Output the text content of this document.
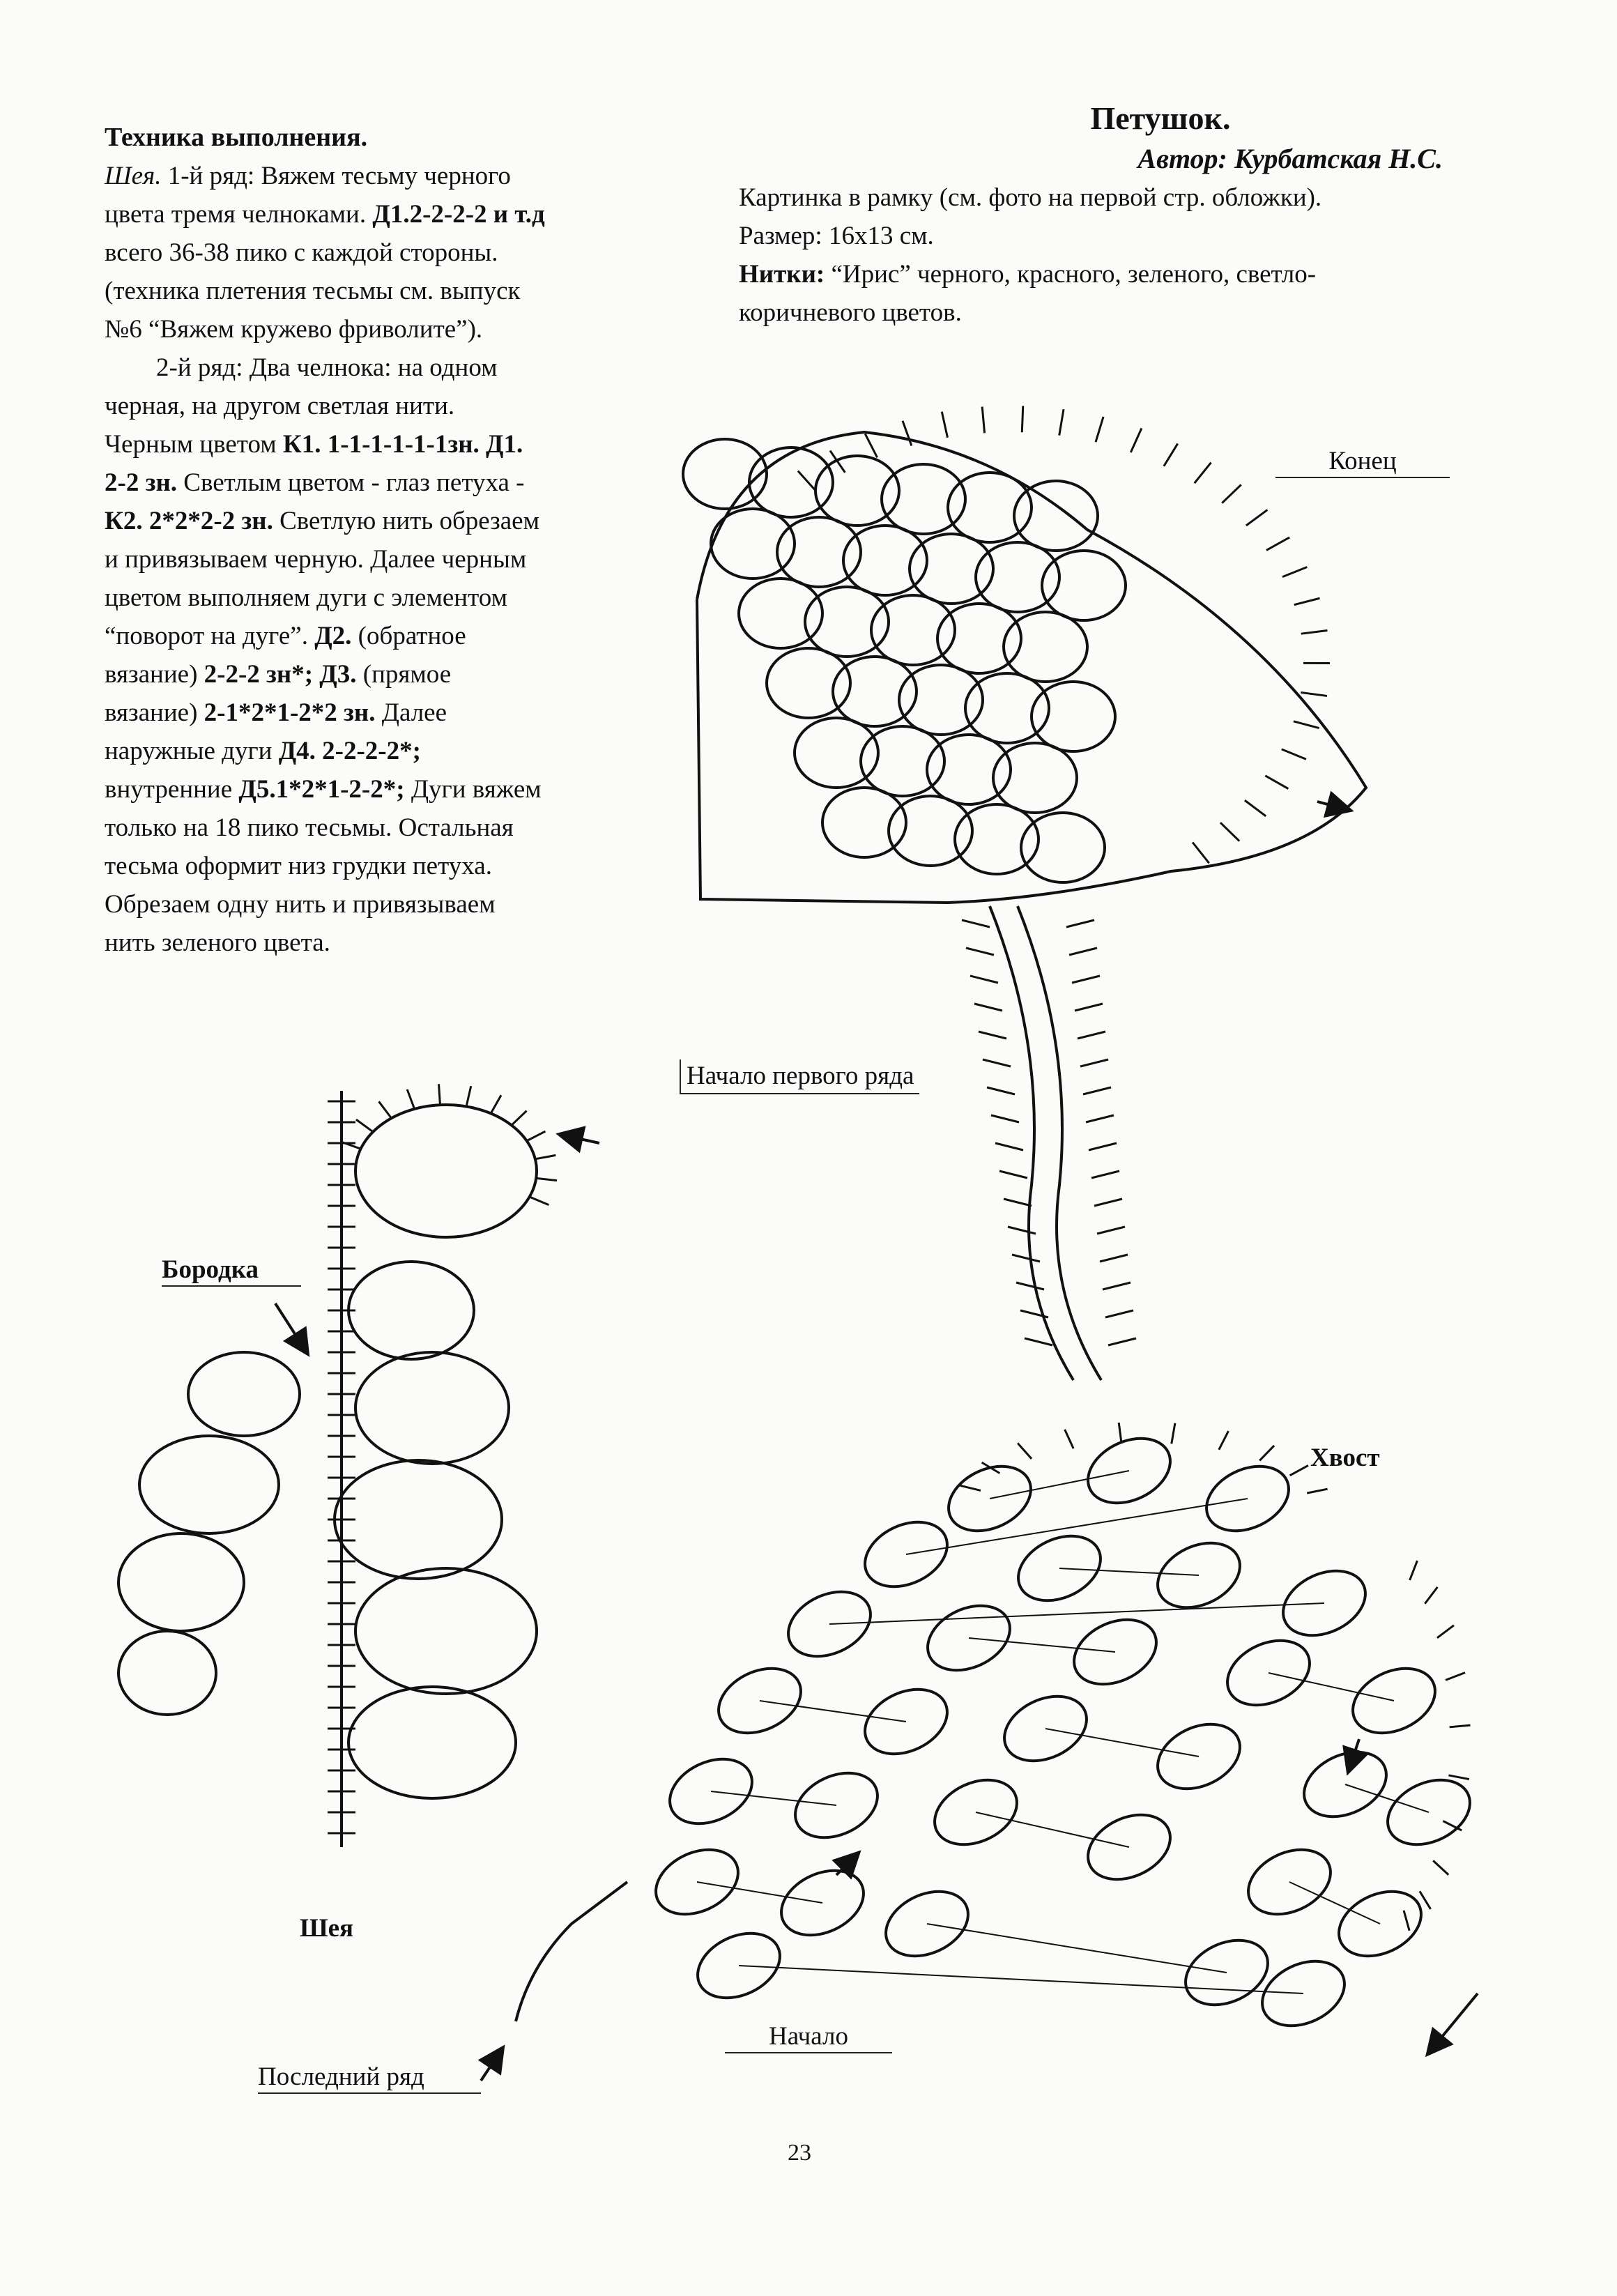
Техника выполнения.
Шея. 1-й ряд: Вяжем тесьму черного
цвета тремя челноками. Д1.2-2-2-2 и т.д
всего 36-38 пико с каждой стороны.
(техника плетения тесьмы см. выпуск
№6 “Вяжем кружево фриволите”).
2-й ряд: Два челнока: на одном
черная, на другом светлая нити.
Черным цветом К1. 1-1-1-1-1-1зн. Д1.
2-2 зн. Светлым цветом - глаз петуха -
К2. 2*2*2-2 зн. Светлую нить обрезаем
и привязываем черную. Далее черным
цветом выполняем дуги с элементом
“поворот на дуге”. Д2. (обратное
вязание) 2-2-2 зн*; Д3. (прямое
вязание) 2-1*2*1-2*2 зн. Далее
наружные дуги Д4. 2-2-2-2*;
внутренние Д5.1*2*1-2-2*; Дуги вяжем
только на 18 пико тесьмы. Остальная
тесьма оформит низ грудки петуха.
Обрезаем одну нить и привязываем
нить зеленого цвета.
Петушок.
Автор: Курбатская Н.С.
Картинка в рамку (см. фото на первой стр. обложки).
Размер: 16х13 см.
Нитки: “Ирис” черного, красного, зеленого, светло-
коричневого цветов.
Конец
Начало первого ряда
Бородка
Хвост
Шея
Начало
Последний ряд
23
